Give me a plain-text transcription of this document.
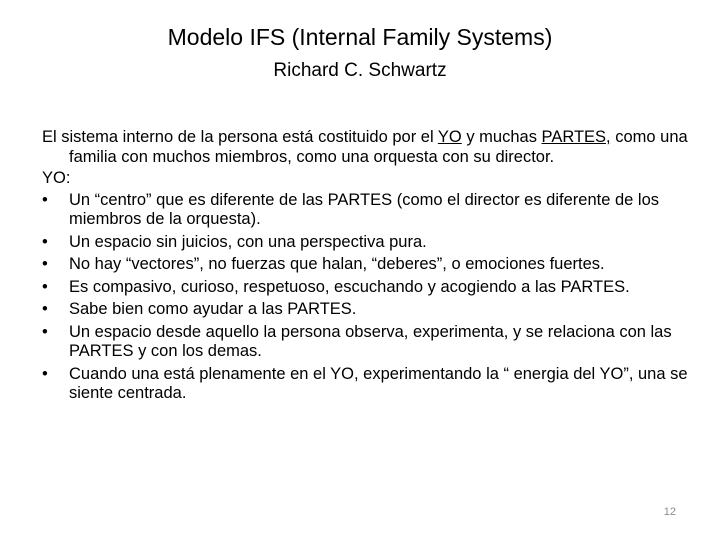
Modelo IFS (Internal Family Systems)
Richard C. Schwartz

El sistema interno de la persona está costituido por el YO y muchas PARTES, como una familia con muchos miembros, como una orquesta con su director.

YO:

•	Un “centro” que es diferente de las PARTES (como el director es diferente de los miembros de la orquesta).
•	Un espacio sin juicios, con una perspectiva pura.
•	No hay “vectores”, no fuerzas que halan, “deberes”, o emociones fuertes.
•	Es compasivo, curioso, respetuoso, escuchando y acogiendo a las PARTES.
•	Sabe bien como ayudar a las PARTES.
•	Un espacio desde aquello la persona observa, experimenta, y se relaciona con las PARTES y con los demas.
•	Cuando una está plenamente en el YO, experimentando la “ energia del YO”, una se siente centrada.
12
